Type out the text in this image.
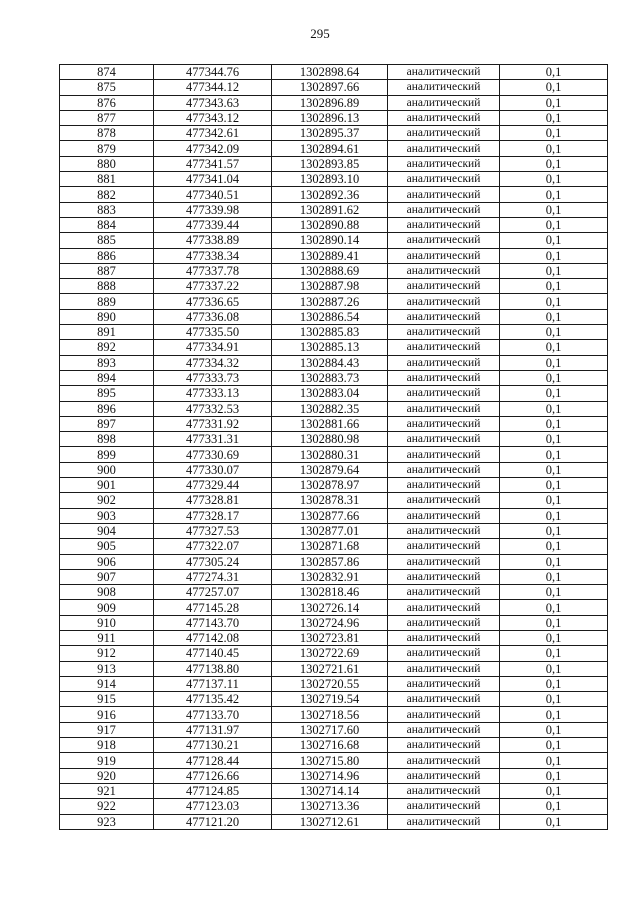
295
874	477344.76	1302898.64	аналитический	0,1
875	477344.12	1302897.66	аналитический	0,1
876	477343.63	1302896.89	аналитический	0,1
877	477343.12	1302896.13	аналитический	0,1
878	477342.61	1302895.37	аналитический	0,1
879	477342.09	1302894.61	аналитический	0,1
880	477341.57	1302893.85	аналитический	0,1
881	477341.04	1302893.10	аналитический	0,1
882	477340.51	1302892.36	аналитический	0,1
883	477339.98	1302891.62	аналитический	0,1
884	477339.44	1302890.88	аналитический	0,1
885	477338.89	1302890.14	аналитический	0,1
886	477338.34	1302889.41	аналитический	0,1
887	477337.78	1302888.69	аналитический	0,1
888	477337.22	1302887.98	аналитический	0,1
889	477336.65	1302887.26	аналитический	0,1
890	477336.08	1302886.54	аналитический	0,1
891	477335.50	1302885.83	аналитический	0,1
892	477334.91	1302885.13	аналитический	0,1
893	477334.32	1302884.43	аналитический	0,1
894	477333.73	1302883.73	аналитический	0,1
895	477333.13	1302883.04	аналитический	0,1
896	477332.53	1302882.35	аналитический	0,1
897	477331.92	1302881.66	аналитический	0,1
898	477331.31	1302880.98	аналитический	0,1
899	477330.69	1302880.31	аналитический	0,1
900	477330.07	1302879.64	аналитический	0,1
901	477329.44	1302878.97	аналитический	0,1
902	477328.81	1302878.31	аналитический	0,1
903	477328.17	1302877.66	аналитический	0,1
904	477327.53	1302877.01	аналитический	0,1
905	477322.07	1302871.68	аналитический	0,1
906	477305.24	1302857.86	аналитический	0,1
907	477274.31	1302832.91	аналитический	0,1
908	477257.07	1302818.46	аналитический	0,1
909	477145.28	1302726.14	аналитический	0,1
910	477143.70	1302724.96	аналитический	0,1
911	477142.08	1302723.81	аналитический	0,1
912	477140.45	1302722.69	аналитический	0,1
913	477138.80	1302721.61	аналитический	0,1
914	477137.11	1302720.55	аналитический	0,1
915	477135.42	1302719.54	аналитический	0,1
916	477133.70	1302718.56	аналитический	0,1
917	477131.97	1302717.60	аналитический	0,1
918	477130.21	1302716.68	аналитический	0,1
919	477128.44	1302715.80	аналитический	0,1
920	477126.66	1302714.96	аналитический	0,1
921	477124.85	1302714.14	аналитический	0,1
922	477123.03	1302713.36	аналитический	0,1
923	477121.20	1302712.61	аналитический	0,1
